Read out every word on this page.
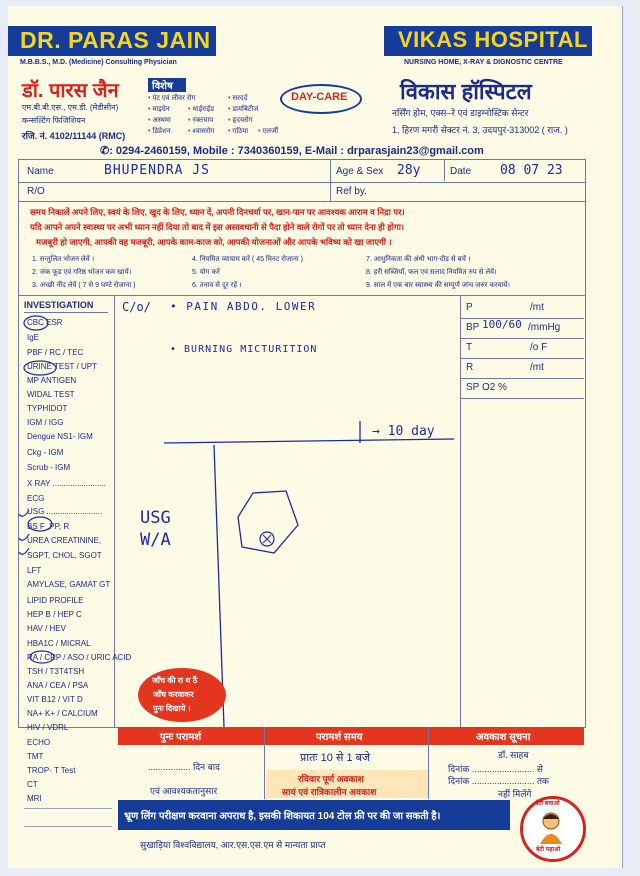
DR. PARAS JAIN
M.B.B.S., M.D. (Medicine) Consulting Physician
VIKAS HOSPITAL
NURSING HOME, X-RAY & DIGNOSTIC CENTRE
डॉ. पारस जैन
एम.बी.बी.एस., एम.डी. (मेडीसीन)
कन्सल्टिंग फिजिशियन
रजि. नं. 4102/11144 (RMC)
विशेष
• पेट एवं लीवर रोग	• सरदर्द
• माइग्रेन	• थाईराईड • डायबिटीज
• अस्थमा • रक्तचाप • हृदयरोग
• डिप्रेशन • श्वासरोग • गठिया • एलर्जी
DAY-CARE विकास हॉस्पिटल
नर्सिंग होम, एक्स–रे एवं डाइग्नोस्टिक सेन्टर
1, हिरण मगरी सेक्टर नं. 3, उदयपुर-313002 ( राज. )
✆: 0294-2460159, Mobile : 7340360159, E-Mail : drparasjain23@gmail.com
Name	BHUPENDRA JS	Age & Sex 28y	Date 08 07 23
R/O	Ref by.
समय निकालें अपने लिए, स्वयं के लिए, खुद के लिए, ध्यान दें, अपनी दिनचर्या पर, खान-पान पर आवश्यक आराम व निद्रा पर।
यदि आपने अपने स्वास्थ्य पर अभी ध्यान नहीं दिया तो बाद में इस असावधानी से पैदा होने वाले रोगों पर तो ध्यान देना ही होगा।
मजबूरी हो जाएगी, आपकी वह मजबूरी, आपके काम-काज को, आपकी योजनाओं और आपके भविष्य को खा जाएगी ।
1. सन्तुलित भोजन लेवें ।	4. नियमित व्यायाम करें ( 45 मिनट रोजाना )	7. आधुनिकता की अंधी भाग-दौड़ से बचें ।
2. जंक फूड एवं गरिष्ठ भोजन कम खायें।	5. योग करें	8. हरी सब्जियाँ, फल एवं सलाद नियमित रुप से लेवें।
3. अच्छी नींद लेवें ( 7 से 9 घण्टे रोजाना )	6. तनाव से दूर रहें ।	9. साल में एक बार स्वास्थ्य की सम्पूर्ण जांच जरुर करवायें।
INVESTIGATION
CBC ESR
IgE
PBF / RC / TEC
URINE TEST / UPT
MP ANTIGEN
WIDAL TEST
TYPHIDOT
IGM / IGG
Dengue NS1- IGM
Ckg - IGM
Scrub - IGM
X RAY ........................
ECG
USG .........................
BS F ,PP, R
UREA CREATININE,
SGPT, CHOL, SGOT
LFT
AMYLASE, GAMAT GT
LIPID PROFILE
HEP B / HEP C
HAV / HEV
HBA1C / MICRAL
RA / CRP / ASO / URIC ACID
TSH / T3T4TSH
ANA / CEA / PSA
VIT B12 / VIT D
NA+ K+ / CALCIUM
HIV / VDRL
ECHO
TMT
TROP- T Test
CT
MRI
P	/mt
BP 100/60 /mmHg
T	/o F
R	/mt
SP O2 %
C/o/ • PAIN ABDO. LOWER
• BURNING MICTURITION
→ 10 day
USG
W/A
जाँच की रा थ ठैं
जाँच करवाकर
पुनः दिखाये ।
पुनः परामर्श	परामर्श समय	अवकाश सूचना
................. दिन बाद
एवं आवश्यकतानुसार
प्रातः 10 से 1 बजे
रविवार पूर्ण अवकाश
सायं एवं रात्रिकालीन अवकाश
डॉ. साहब
दिनांक ......................... से
दिनांक ......................... तक
नहीं मिलेंगे
भ्रूण लिंग परीक्षण करवाना अपराध है, इसकी शिकायत 104 टोल फ्री पर की जा सकती है।
सुखाड़िया विश्वविद्यालय, आर.एस.एस.एम से मान्यता प्राप्त
बेटी बचाओ
बेटी पढ़ाओ
